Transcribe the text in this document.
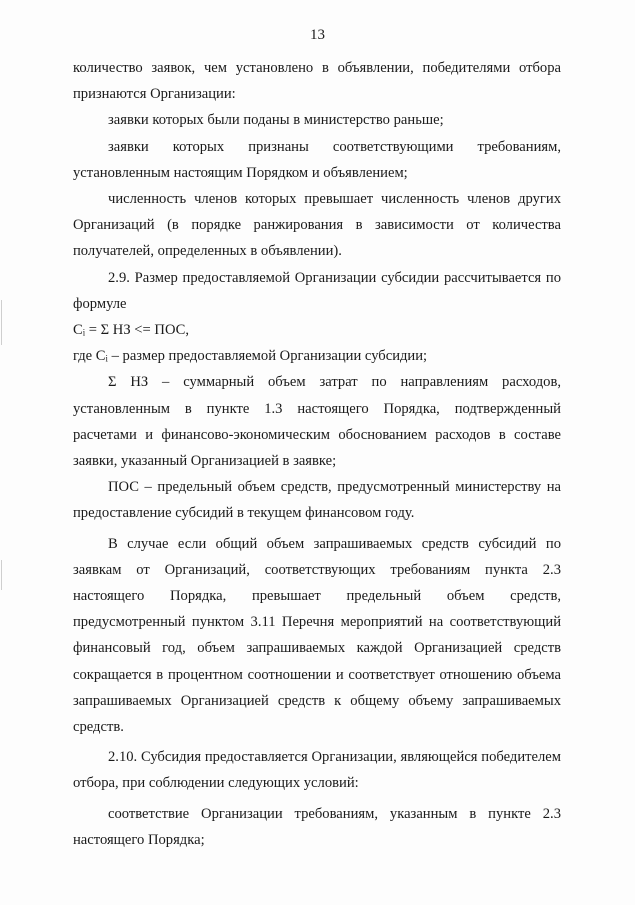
13

количество заявок, чем установлено в объявлении, победителями отбора признаются Организации:

заявки которых были поданы в министерство раньше;

заявки которых признаны соответствующими требованиям, установленным настоящим Порядком и объявлением;

численность членов которых превышает численность членов других Организаций (в порядке ранжирования в зависимости от количества получателей, определенных в объявлении).

2.9. Размер предоставляемой Организации субсидии рассчитывается по формуле

Cᵢ = Σ НЗ <= ПОС,

где Cᵢ – размер предоставляемой Организации субсидии;

Σ НЗ – суммарный объем затрат по направлениям расходов, установленным в пункте 1.3 настоящего Порядка, подтвержденный расчетами и финансово-экономическим обоснованием расходов в составе заявки, указанный Организацией в заявке;

ПОС – предельный объем средств, предусмотренный министерству на предоставление субсидий в текущем финансовом году.

В случае если общий объем запрашиваемых средств субсидий по заявкам от Организаций, соответствующих требованиям пункта 2.3 настоящего Порядка, превышает предельный объем средств, предусмотренный пунктом 3.11 Перечня мероприятий на соответствующий финансовый год, объем запрашиваемых каждой Организацией средств сокращается в процентном соотношении и соответствует отношению объема запрашиваемых Организацией средств к общему объему запрашиваемых средств.

2.10. Субсидия предоставляется Организации, являющейся победителем отбора, при соблюдении следующих условий:

соответствие Организации требованиям, указанным в пункте 2.3 настоящего Порядка;
